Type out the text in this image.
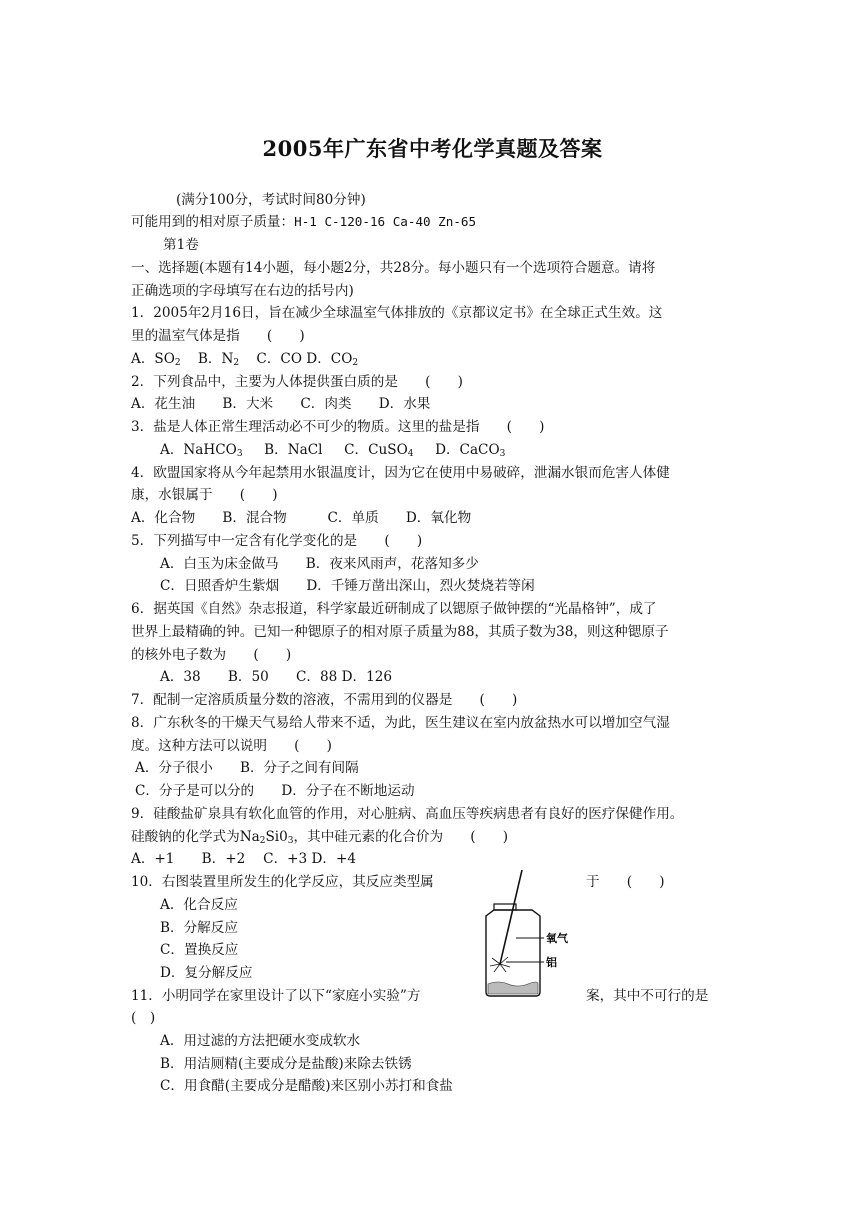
2005年广东省中考化学真题及答案
(满分100分，考试时间80分钟)
可能用到的相对原子质量：H-1 C-120-16 Ca-40 Zn-65
第1卷
一、选择题(本题有14小题，每小题2分，共28分。每小题只有一个选项符合题意。请将
正确选项的字母填写在右边的括号内)
1．2005年2月16日，旨在减少全球温室气体排放的《京都议定书》在全球正式生效。这
里的温室气体是指　　(　　)
A．$SO_2$ B．$N_2$ C．CO D．$CO_2$
2．下列食品中，主要为人体提供蛋白质的是　　(　　)
A．花生油　　B．大米　　C．肉类　　D．水果
3．盐是人体正常生理活动必不可少的物质。这里的盐是指　　(　　)
A．NaHCO$_3$ B．NaCl C．CuSO$_4$ D．CaCO$_3$
4．欧盟国家将从今年起禁用水银温度计，因为它在使用中易破碎，泄漏水银而危害人体健
康，水银属于　　(　　)
A．化合物　　B．混合物　　　C．单质　　D．氧化物
5．下列描写中一定含有化学变化的是　　(　　)
A．白玉为床金做马　　B．夜来风雨声，花落知多少
C．日照香炉生紫烟　　D．千锤万凿出深山，烈火焚烧若等闲
6．据英国《自然》杂志报道，科学家最近研制成了以锶原子做钟摆的“光晶格钟”，成了
世界上最精确的钟。已知一种锶原子的相对原子质量为88，其质子数为38，则这种锶原子
的核外电子数为　　(　　)
A．38　　B．50　　C．88 D．126
7．配制一定溶质质量分数的溶液，不需用到的仪器是　　(　　)
8．广东秋冬的干燥天气易给人带来不适，为此，医生建议在室内放盆热水可以增加空气湿
度。这种方法可以说明　　(　　)
A．分子很小　　B．分子之间有间隔
C．分子是可以分的　　D．分子在不断地运动
9．硅酸盐矿泉具有软化血管的作用，对心脏病、高血压等疾病患者有良好的医疗保健作用。
硅酸钠的化学式为$Na_2Si0_3$，其中硅元素的化合价为　　(　　)
A．+1　　B．+2　 C．+3 D．+4
10．右图装置里所发生的化学反应，其反应类型属	于　　(　　)
A．化合反应
B．分解反应
C．置换反应
D．复分解反应
氧气
铝
11．小明同学在家里设计了以下“家庭小实验”方	案，其中不可行的是
(　)
A．用过滤的方法把硬水变成软水
B．用洁厕精(主要成分是盐酸)来除去铁锈
C．用食醋(主要成分是醋酸)来区别小苏打和食盐
